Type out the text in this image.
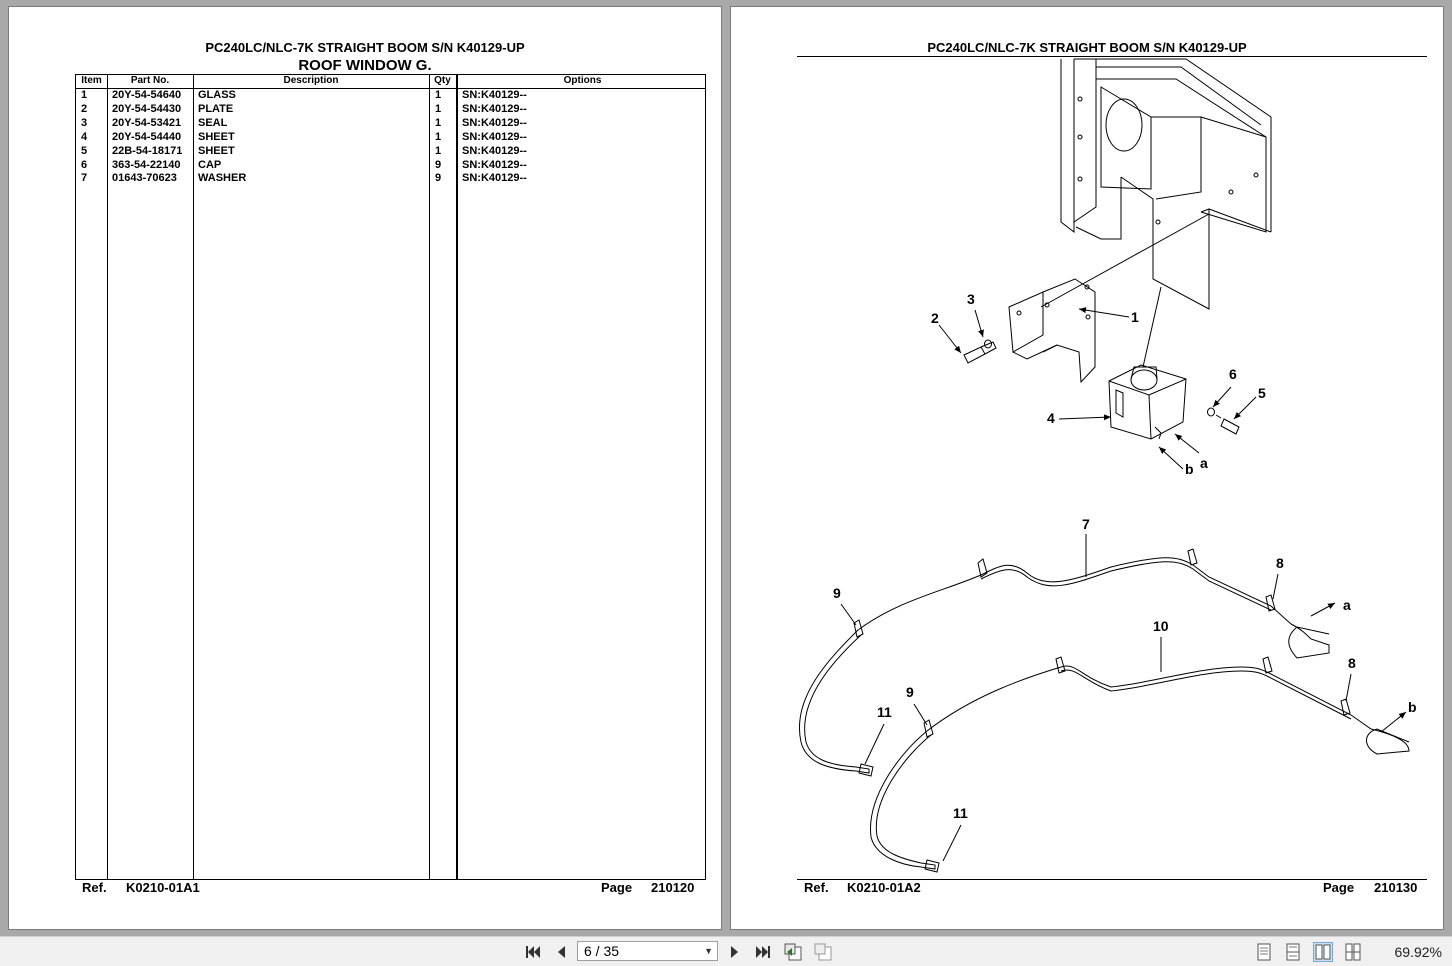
PC240LC/NLC-7K STRAIGHT BOOM S/N K40129-UP
ROOF WINDOW G.
Item	Part No.	Description	Qty	Options
1 20Y-54-54640 GLASS	1 SN:K40129--
2 20Y-54-54430 PLATE	1 SN:K40129--
3 20Y-54-53421 SEAL	1 SN:K40129--
4 20Y-54-54440 SHEET	1 SN:K40129--
5 22B-54-18171 SHEET	1 SN:K40129--
6 363-54-22140 CAP	9 SN:K40129--
7 01643-70623 WASHER	9 SN:K40129--
Ref. K0210-01A1	Page 210120
PC240LC/NLC-7K STRAIGHT BOOM S/N K40129-UP
1
2
3
4
5
6
7
8
8
9
9
10
11
11
a
a
b
b
Ref. K0210-01A2	Page 210130
6 / 35	▼	69.92%
